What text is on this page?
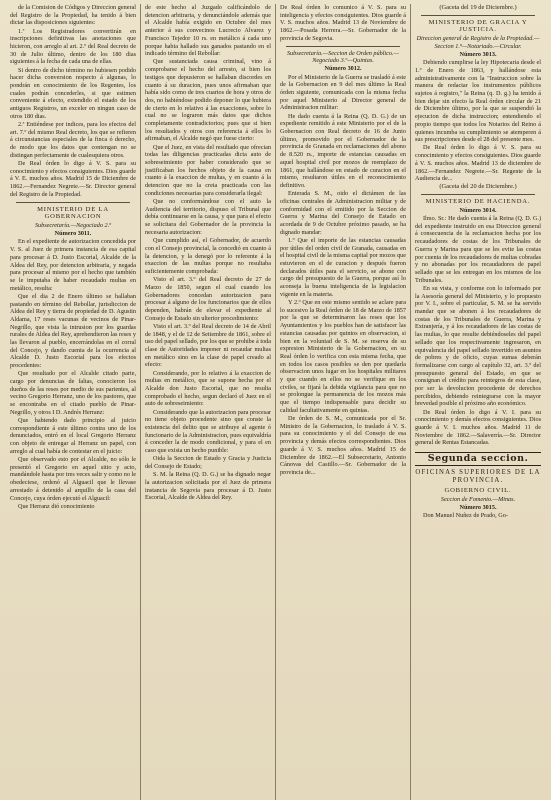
de la Comision de Códigos y Direccion general del Registro de la Propiedad, ha tenido á bien dictar las disposiciones siguientes:

1.ª Los Registradores convertirán en inscripciones definitivas las anotaciones que hicieron, con arreglo al art. 2.º del Real decreto de 30 de Julio último, dentro de los 180 dias siguientes á la fecha de cada una de ellas.

Si dentro de dicho término no hubiesen podido hacer dicha conversion respecto á algunas, lo pondrán en conocimiento de los Regentes, los cuales podrán concederles, si que estimen conveniente á efecto, extendido el estado de los antiguos Registros, un exceler en ningun caso de otros 180 dias.

2.ª Entiéndese por indices, para los efectos del art. 7.º del mismo Real decreto, los que se refieren á circunstancias especiales de la finca ó derecho, de modo que los datos que contengan no se distingan perfectamente de cualesquiera otros.

De Real órden lo digo á V. S. para su conocimiento y efectos consiguientes. Dios guarde á V. E. muchos años. Madrid 15 de Diciembre de 1862.—Fernandez Negrete.—Sr. Director general del Registro de la Propiedad.

MINISTERIO DE LA GOBERNACION

Subsecretaría.—Negociado 2.º

Número 3011.

En el expediente de autorizacion concedida por V. S. al Juez de primera instancia de esa capital para procesar á D. Justo Escorial, Alcalde de la Aldea del Rey, por detencion arbitraria, y negada para procesar al mismo por el hecho que también se le imputaba de haber recaudado multas en metálico, resulta:

Que el dia 2 de Enero último se hallaban pastando en término del Rebollar, jurisdiccion de Aldea del Rey y tierra de propiedad de D. Agustin Aldama, 17 reses vacunas de vecinos de Pinar-Negrillo, que vista la intrusion por los guardas rurales de Aldea del Rey, aprehendieron las reses y las llevaron al pueblo, encerrándolas en el corral del Concejo, y dando cuenta de la ocurrencia al Alcalde D. Justo Escorial para los efectos procedentes:

Que resultado por el Alcalde citado parte, cargo por denuncias de faltas, conocieron los dueños de las reses por medio de sus parientes, al vecino Gregorio Herranz, uno de los pastores, que se encontraba en el citado pueblo de Pinar-Negrillo, y otros I D. Andrés Herranz:

Que habiendo dado principio al juicio correspondiente á este último contra uno de los denunciados, entró en el local Gregorio Herranz con objeto de entregar al Herranz un papel, con arreglo al cual había de contestar en el juicio:

Que observado esto por el Alcalde, no sólo le presentó el Gregorio en aquel sitio y acto, mandándole hasta por tres veces salir y como no le obedeciese, ordenó al Alguacil que le llevase arrestado á detenido al arquillo de la casa del Concejo, cuya órden ejecutó el Alguacil:

Que Herranz dió conocimiento

de este hecho al Juzgado calificándolo de detencion arbitraria, y denunciándole además que el Alcalde había exigido en Octubre del mes anterior á sus convecinos Lucrecio Alvarez y Francisco Tejedor 10 rs. en metálico á cada uno porque habia hallado sus ganados pastando en el indicado término del Rebollar:

Que sustanciada causa criminal, vino á comprobarse el hecho del arresto, si bien los testigos que depusieron se hallaban discordes en cuanto á su duracion, pues unos afirmaban que había sido como de tres cuartos de hora y otros de dos, no habiéndose podido deponer lo que hubiera de cierto en lo relativo á las exacciones, sobre lo cual no se lograron más datos que dichos completamente contradictorios; pues que si bien los resultados y otros con referencia á ellos lo afirmaban, el Alcalde negó que fuese cierto:

Que el Juez, en vista del resultado que ofrecian todas las diligencias practicadas dicta auto de sobreseimiento por haber considerado que se justificaban los hechos objeto de la causa en cuanto á la exaccion de multas, y en cuanto á la detencion que no la creia practicada con las condiciones necesarias para considerarla ilegal:

Que no conformándose con el auto la Audiencia del territorio, dispuso el Tribunal que debía continuarse en la causa, y que para el efecto se solicitara del Gobernador de la provincia la necesaria autorizacion:

Que cumplido así, el Gobernador, de acuerdo con el Consejo provincial, la concedió en cuanto á la detencion, y la denegó por lo referente á la exaccion de las multas porque no resultaba suficientemente comprobada:

Visto el art. 3.º del Real decreto de 27 de Marzo de 1850, segun el cual cuando los Gobernadores concedan autorizacion para procesar á alguno de los funcionarios que de ellos dependen, habrán de elevar el expediente al Consejo de Estado sin ulterior procedimiento:

Visto el art. 3.º del Real decreto de 14 de Abril de 1848, y el de 12 de Setiembre de 1861, sobre el uso del papel sellado, por los que se prohibe á toda clase de Autoridades imponer ni recaudar multas en metálico sino en la clase de papel creado al efecto:

Considerando, por lo relativo á la exaccion de multas en metálico, que se supone hecha por el Alcalde don Justo Escorial, que no resulta comprobado el hecho, segun declaró el Juez en el auto de sobreseimiento:

Considerando que la autorizacion para procesar no tiene objeto procedente sino que conste la existencia del delito que se atribuye al agente ó funcionario de la Administracion, pues equivaldría á conceder la de modo condicional, y para el en caso que exista un hecho punible:

Oida la Seccion de Estado y Gracia y Justicia del Consejo de Estado;

S. M. la Reina (Q. D. G.) se ha dignado negar la autorizacion solicitada por el Juez de primera instancia de Segovia para procesar á D. Justo Escorial, Alcalde de Aldea del Rey.

De Real órden lo comunico á V. S. para su inteligencia y efectos consiguientes. Dios guarde á V. S. muchos años. Madrid 13 de Noviembre de 1862.—Posada Herrera.—Sr. Gobernador de la provincia de Segovia.

Subsecretaría.—Seccion de Orden público.—Negociado 3.º—Quintas.

Número 3012.

Por el Ministerio de la Guerra se trasladó á este de la Gobernacion en 9 del mes último la Real órden siguiente, comunicada con la misma fecha por aquel Ministerio al Director general de Administracion militar:

He dado cuenta á la Reina (Q. D. G.) de un expediente remitido á este Ministerio por el de la Gobernacion con Real decreto de 16 de Junio último, promovido por el Gobernador de la provincia de Granada en reclamaciones del abono de 8.520 rs., importe de estancias causadas en aquel hospital civil por mozos de reemplazo de 1861, que hallándose en estado de curacion en el mismo, resultaron útiles en el reconocimiento definitivo.

Enterada S. M., oido el dictámen de las oficinas centrales de Administracion militar y de conformidad con el emitido por la Seccion de Guerra y Marina del Consejo de Estado en acordada de 9 de Octubre próximo pasado, se ha dignado mandar:

1.º Que el importe de las estancias causadas por útiles del orden civil de Granada, causadas en el hospital civil de la misma capital por mozos que estuvieron en el de curacion y después fueron declarados útiles para el servicio, se abone con cargo del presupuesto de la Guerra, porque así lo aconseja la buena inteligencia de la legislacion vigente en la materia.

Y 2.º Que en este mismo sentido se aclare para lo sucesivo la Real órden de 18 de Marzo de 1857 por la que se determinaron las reses que los Ayuntamientos y los pueblos han de satisfacer las estancias causadas por quintos en observacion, si bien en la voluntad de S. M. se reserva de su expresion Ministerio de la Gobernacion, en su Real órden lo verifica con esta misma fecha, que en todos los casos posibles se den por quedarla observacion unos lugar en los hospitales militares y que cuando en ellos no se verifique en los civiles, se fijará la debida vigilancia para que no se prolongue la permanencia de los mozos más que el tiempo indispensable para decidir su calidad facultativamente en quintas.

De órden de S. M., comunicada por el Sr. Ministro de la Gobernacion, lo traslado á V. S. para su conocimiento y el del Consejo de esa provincia y demás efectos correspondientes. Dios guarde á V. S. muchos años. Madrid 15 de Diciembre de 1862.—El Subsecretario, Antonio Cánovas del Castillo.—Sr. Gobernador de la provincia de...

(Gaceta del 19 de Diciembre.)

MINISTERIO DE GRACIA Y JUSTICIA.

Direccion general de Registro de la Propiedad.—Seccion 1.ª—Notariado.—Circular.

Número 3013.

Debiendo cumplirse la ley Hipotecaria desde el 1.º de Enero de 1863, y hallándose esta administrativamente con la "Instruccion sobre la manera de redactar los instrumentos públicos sujetos á registro," la Reina (q. D. g.) ha tenido á bien dejar sin efecto la Real órden circular de 21 de Diciembre último, por la que se suspendió la ejecucion de dicha instruccion; entendiendo el propio tiempo que todos los Notarios del Reino á quienes incumba su cumplimiento se atemperen á sus prescripciones desde el 28 del presente mes.

De Real órden lo digo á V. S. para su conocimiento y efectos consiguientes. Dios guarde á V. S. muchos años. Madrid 13 de diciembre de 1862.—Fernandez Negrete.—Sr. Regente de la Audiencia de...

(Gaceta del 20 de Diciembre.)

MINISTERIO DE HACIENDA.

Número 3014.

Ilmo. Sr.: He dado cuenta á la Reina (Q. D. G.) del expediente instruido en esa Direccion general á consecuencia de la reclamacion hecha por los recaudadores de costas de los Tribunales de Guerra y Marina para que se les evite las costas por cuenta de los recaudadores de multas cobradas y no abonadas por los recaudadores de papel sellado que se les entregan en los mismos de los Tribunales.

En su vista, y conforme con lo informado por la Asesoría general del Ministerio, y lo propuesto por V. I., sobre el particular, S. M. se ha servido mandar que se abonen á los recaudadores de costas de los Tribunales de Guerra, Marina y Extranjería, y á los recaudadores de las costas de las multas, lo que resulte debiéndoseles del papel sellado que los respectivamente ingresaron, en equivalencia del papel sellado invertido en asuntos de pobres y de oficio, cuyas sumas deberán formalizarse con cargo al capítulo 32, art. 3.º del presupuesto general del Estado, en que se consignan el crédito para reintegros de esta clase, por ser la devolucion procedente de derechos percibidos, debiendo reintegrarse con la mayor brevedad posible el próximo año económico.

De Real órden lo digo á V. I. para su conocimiento y demás efectos consiguientes. Dios guarde á V. I. muchos años. Madrid 11 de Noviembre de 1862.—Salaverría.—Sr. Director general de Rentas Estancadas.

Segunda seccion.

OFICINAS SUPERIORES DE LA PROVINCIA.

GOBIERNO CIVIL.

Seccion de Fomento.—Minas.

Número 3015.

Don Manuel Nuñez de Prado, Go-
